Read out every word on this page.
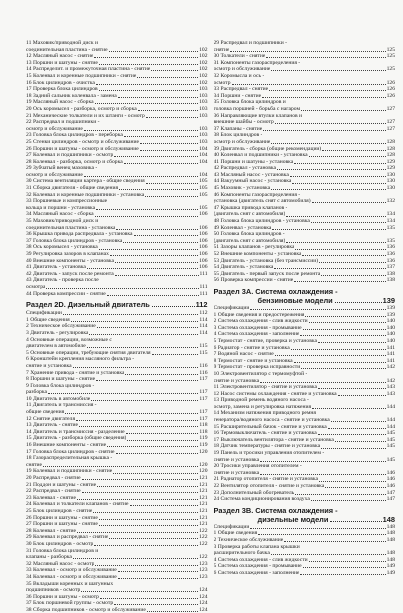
11 Маховик/приводной диск и
соединительная пластина - снятие	102
12 Масляный насос - снятие	102
13 Поршни и шатуны - снятие	102
14 Распределит. и промежуточная пластина - снятие	102
15 Коленвал и коренные подшипники - снятие	102
16 Блок цилиндров - очистка	102
17 Проверка блока цилиндров	103
18 Задний сальник коленвала - замена	103
19 Масляный насос - сборка	103
20 Ось коромысел - разборка, осмотр и сборка	103
21 Механические толкатели и их штанги - осмотр	103
22 Распредвал и подшипники -
осмотр и обслуживание	103
23 Головка блока цилиндров - переборка	103
25 Стенки цилиндров - осмотр и обслуживание	103
26 Поршни и шатуны - осмотр и обслуживание	104
27 Коленвал и подшипники - осмотр	104
28 Коленвал - разборка, осмотр и сборка	104
29 Зубчатый венец маховика -
осмотр и обслуживание	104
30 Система вентиляции картера - общие сведения	105
31 Сборка двигателя - общие сведения	105
32 Коленвал и коренные подшипники - установка	105
33 Поршневые и компрессионные
кольца и поршни - установка	105
34 Масляный насос - сборка	106
35 Маховик/приводной диск и
соединительная пластина - установка	106
36 Крышка привода распредвала - установка	106
37 Головка блока цилиндров - установка	106
38 Ось коромысел - установка	106
39 Регулировка зазоров в клапанах	106
40 Внешние компоненты - установка	106
41 Двигатель - установка	106
42 Двигатель - запуск после ремонта	111
43 Двигатель - проверка после
осмотра	111
44 Проверка компрессии - снятие	111
Раздел 2D. Дизельный двигатель	112
Спецификации	112
1 Общие сведения	114
2 Техническое обслуживание	114
3 Двигатель - регулировка	114
4 Основные операции, возможные с
двигателем в автомобиле	115
5 Основные операции, требующие снятия двигателя	115
6 Кронштейн крепления масляного фильтра -
снятие и установка	116
7 Хранение привода - снятие и установка	116
8 Поршни и шатуны - снятие	117
9 Головка блока цилиндров -
разборка	117
10 Двигатель в автомобиле	117
11 Двигатель и трансмиссия -
общие сведения	117
12 Снятие двигателя	117
13 Двигатель - снятие	118
14 Двигатель и трансмиссия - разделение	118
15 Двигатель - разборка (общие сведения)	119
16 Внешние компоненты - снятие	119
17 Головка блока цилиндров - снятие	120
18 Газораспределительная крышка -
снятие	120
19 Коленвал и подшипники - снятие	120
20 Распредвал - снятие	121
21 Поддон и шатуны - снятие	121
22 Распредвал - снятие	121
23 Коленвал - снятие	121
24 Коленвал и толкатели клапанов - снятие	121
25 Блок цилиндров - снятие	121
26 Поршни и шатуны - снятие	121
27 Поршни и шатуны - снятие	121
28 Коленвал - снятие	122
29 Коленвал и распредвал - снятие	122
30 Блок цилиндров - осмотр	122
31 Головка блока цилиндров и
клапаны - разборка	122
32 Масляный насос - осмотр	123
33 Коленвал - осмотр и обслуживание	123
34 Коленвал - осмотр и обслуживание	123
35 Вкладыши коренных и шатунных
подшипников - осмотр	124
36 Поршни и шатуны - осмотр	124
37 Блок поршневой группы - осмотр	124
38 Сборка подшипников - осмотр и обслуживание	124
29 Распредвал и подшипники -
снятие	125
30 Толкатели - снятие	125
31 Компоненты газораспределения -
осмотр и обслуживание	125
32 Коромысла и ось -
осмотр	126
33 Распредвал - снятие	126
34 Поршни - снятие	126
35 Головка блока цилиндров и
головка поршней - борьба с нагаром	127
36 Направляющие втулки клапанов и
внешние шайбы - осмотр	127
37 Клапаны - снятие	127
38 Блок цилиндров -
осмотр и обслуживание	128
39 Двигатель - сборка (общие рекомендации)	128
40 Коленвал и подшипники - установка	128
41 Поршни и шатуны - установка	129
42 Распредвал - установка	129
43 Масляный насос - установка	130
44 Вакуумный насос - установка	130
45 Маховик - установка	130
46 Компоненты газораспределения -
установка (двигатель снят с автомобиля)	132
47 Крышка привода клапанов -
(двигатель снят с автомобиля)	134
48 Головка блока цилиндров - установка	134
49 Коленвал - установка	135
50 Головка блока цилиндров -
(двигатель снят с автомобиля)	135
51 Зазоры клапанов - регулировка	136
52 Внешние компоненты - установка	136
53 Двигатель - установка (без трансмиссии)	136
54 Двигатель - установка	137
55 Двигатель - первый запуск после ремонта	138
56 Проверка компрессии - снятие	138
Раздел 3А. Система охлаждения -
бензиновые модели	139
Спецификации	139
1 Общие сведения и предостережения	139
2 Система охлаждения - слив жидкости	140
3 Система охлаждения - промывание	140
4 Система охлаждения - заполнение	140
5 Термостат - снятие, проверка и установка	140
6 Радиатор - снятие и установка	141
7 Водяной насос - снятие	141
8 Термостат - снятие и установка	141
9 Термостат - проверка исправности	142
10 Электровентилятор с термомуфтой -
снятие и установка	142
11 Электровентилятор - снятие и установка	143
12 Насос системы охлаждения - снятие и установка	143
13 Приводной ремень водяного насоса -
осмотр, замена и регулировка натяжения	144
14 Механизм натяжения приводного ремня
генератора/водяного насоса - снятие и установка	144
15 Расширительный бачок - снятие и установка	144
16 Термовыключатель - снятие и установка	145
17 Выключатель вентилятора - снятие и установка	145
18 Датчик температуры - снятие и установка	145
19 Панель и тросики управления отопителем -
снятие и установка	145
20 Тросики управления отопителем -
снятие и установка	146
21 Радиатор отопителя - снятие и установка	146
22 Вентилятор отопителя - снятие и установка	146
23 Дополнительный обогреватель	147
24 Система кондиционирования воздуха	147
Раздел 3В. Система охлаждения -
дизельные модели	148
Спецификации	148
1 Общие сведения	148
2 Техническое обслуживание	148
3 Проверка работы клапана крышки
расширительного бачка	148
4 Система охлаждения - слив жидкости	148
5 Система охлаждения - промывание	149
6 Система охлаждения - заполнение	149
